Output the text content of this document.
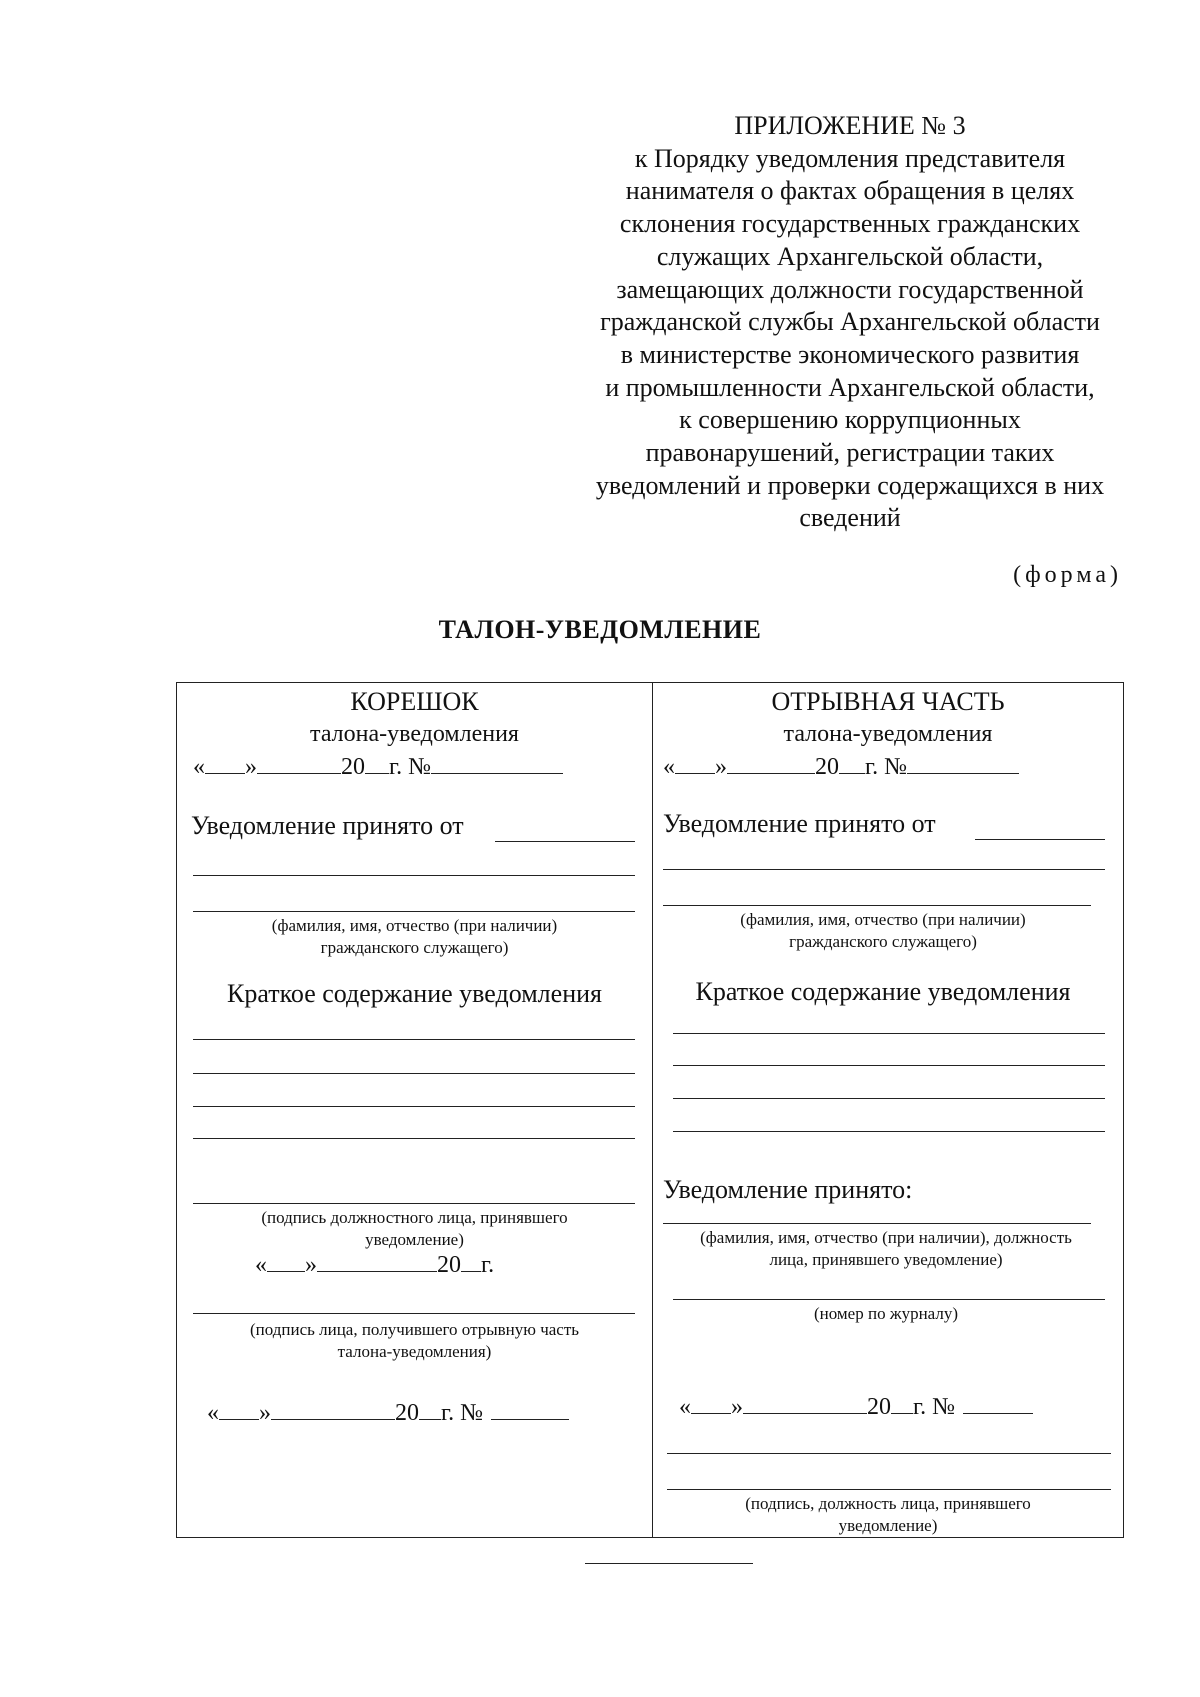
ПРИЛОЖЕНИЕ № 3
к Порядку уведомления представителя
нанимателя о фактах обращения в целях
склонения государственных гражданских
служащих Архангельской области,
замещающих должности государственной
гражданской службы Архангельской области
в министерстве экономического развития
и промышленности Архангельской области,
к совершению коррупционных
правонарушений, регистрации таких
уведомлений и проверки содержащихся в них
сведений
(форма)
ТАЛОН-УВЕДОМЛЕНИЕ
КОРЕШОК
талона-уведомления
« »	20 г. №
Уведомление принято от
(фамилия, имя, отчество (при наличии)
гражданского служащего)
Краткое содержание уведомления
(подпись должностного лица, принявшего
уведомление)
« »	20 г.
(подпись лица, получившего отрывную часть
талона-уведомления)
« »	20 г. №
ОТРЫВНАЯ ЧАСТЬ
талона-уведомления
« »	20 г. №
Уведомление принято от
(фамилия, имя, отчество (при наличии)
гражданского служащего)
Краткое содержание уведомления
Уведомление принято:
(фамилия, имя, отчество (при наличии), должность
лица, принявшего уведомление)
(номер по журналу)
« »	20 г. №
(подпись, должность лица, принявшего
уведомление)
